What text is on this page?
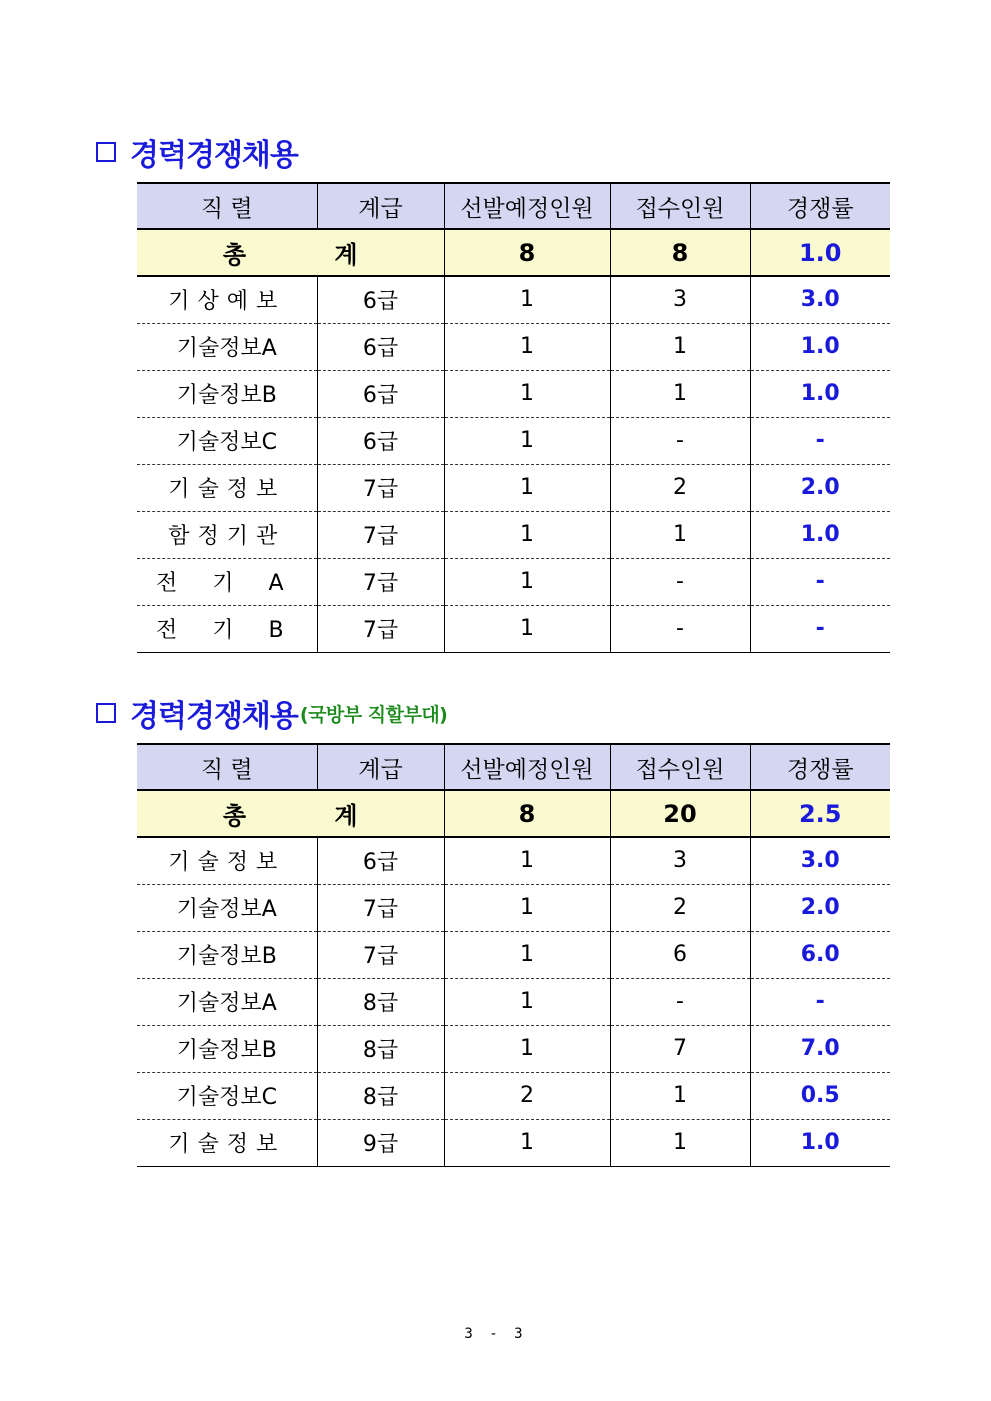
경력경쟁채용
직 렬	계급	선발예정인원	접수인원	경쟁률
총 계		8	8	1.0
기상예보	6급	1	3	3.0
기술정보A	6급	1	1	1.0
기술정보B	6급	1	1	1.0
기술정보C	6급	1	-	-
기술정보	7급	1	2	2.0
함정기관	7급	1	1	1.0
전 기 A	7급	1	-	-
전 기 B	7급	1	-	-
경력경쟁채용 (국방부 직할부대)
직 렬	계급	선발예정인원	접수인원	경쟁률
총 계		8	20	2.5
기술정보	6급	1	3	3.0
기술정보A	7급	1	2	2.0
기술정보B	7급	1	6	6.0
기술정보A	8급	1	-	-
기술정보B	8급	1	7	7.0
기술정보C	8급	2	1	0.5
기술정보	9급	1	1	1.0
3 - 3
